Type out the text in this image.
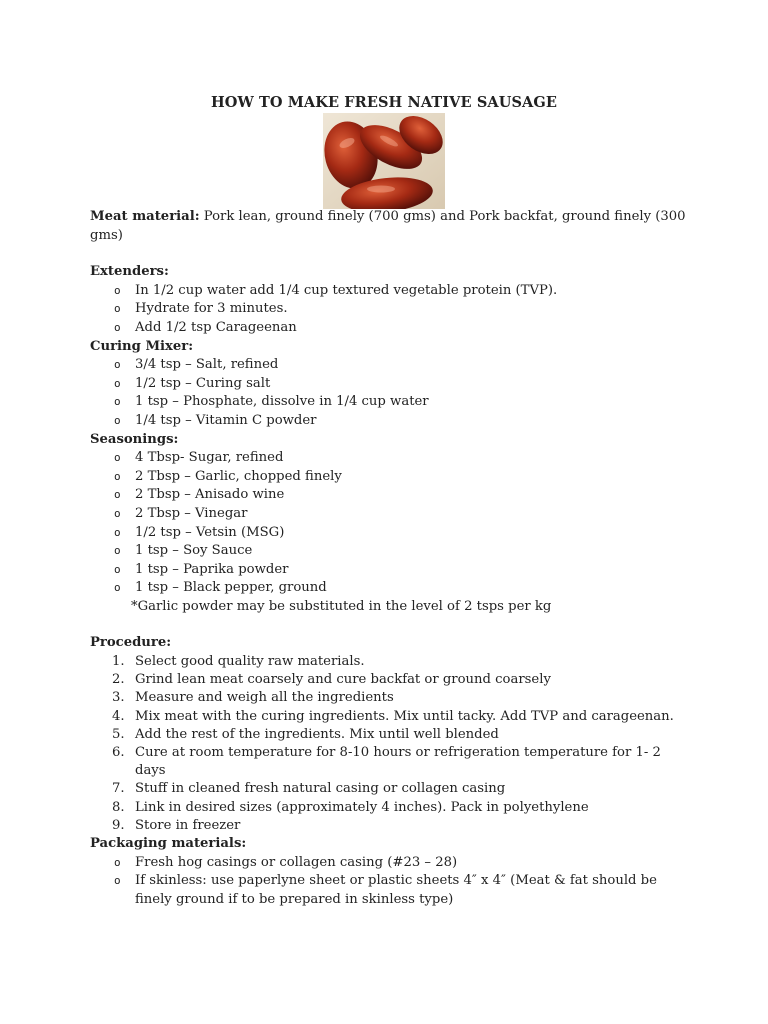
HOW TO MAKE FRESH NATIVE SAUSAGE

Meat material: Pork lean, ground finely (700 gms) and Pork backfat, ground finely (300 gms)

Extenders:

o In 1/2 cup water add 1/4 cup textured vegetable protein (TVP).
o Hydrate for 3 minutes.
o Add 1/2 tsp Carageenan

Curing Mixer:

o 3/4 tsp – Salt, refined
o 1/2 tsp – Curing salt
o 1 tsp – Phosphate, dissolve in 1/4 cup water
o 1/4 tsp – Vitamin C powder

Seasonings:

o 4 Tbsp- Sugar, refined
o 2 Tbsp – Garlic, chopped finely
o 2 Tbsp – Anisado wine
o 2 Tbsp – Vinegar
o 1/2 tsp – Vetsin (MSG)
o 1 tsp – Soy Sauce
o 1 tsp – Paprika powder
o 1 tsp – Black pepper, ground

*Garlic powder may be substituted in the level of 2 tsps per kg

Procedure:

1. Select good quality raw materials.
2. Grind lean meat coarsely and cure backfat or ground coarsely
3. Measure and weigh all the ingredients
4. Mix meat with the curing ingredients. Mix until tacky. Add TVP and carageenan.
5. Add the rest of the ingredients. Mix until well blended
6. Cure at room temperature for 8-10 hours or refrigeration temperature for 1- 2 days
7. Stuff in cleaned fresh natural casing or collagen casing
8. Link in desired sizes (approximately 4 inches). Pack in polyethylene
9. Store in freezer

Packaging materials:

o Fresh hog casings or collagen casing (#23 – 28)
o If skinless: use paperlyne sheet or plastic sheets 4″ x 4″ (Meat & fat should be finely ground if to be prepared in skinless type)
